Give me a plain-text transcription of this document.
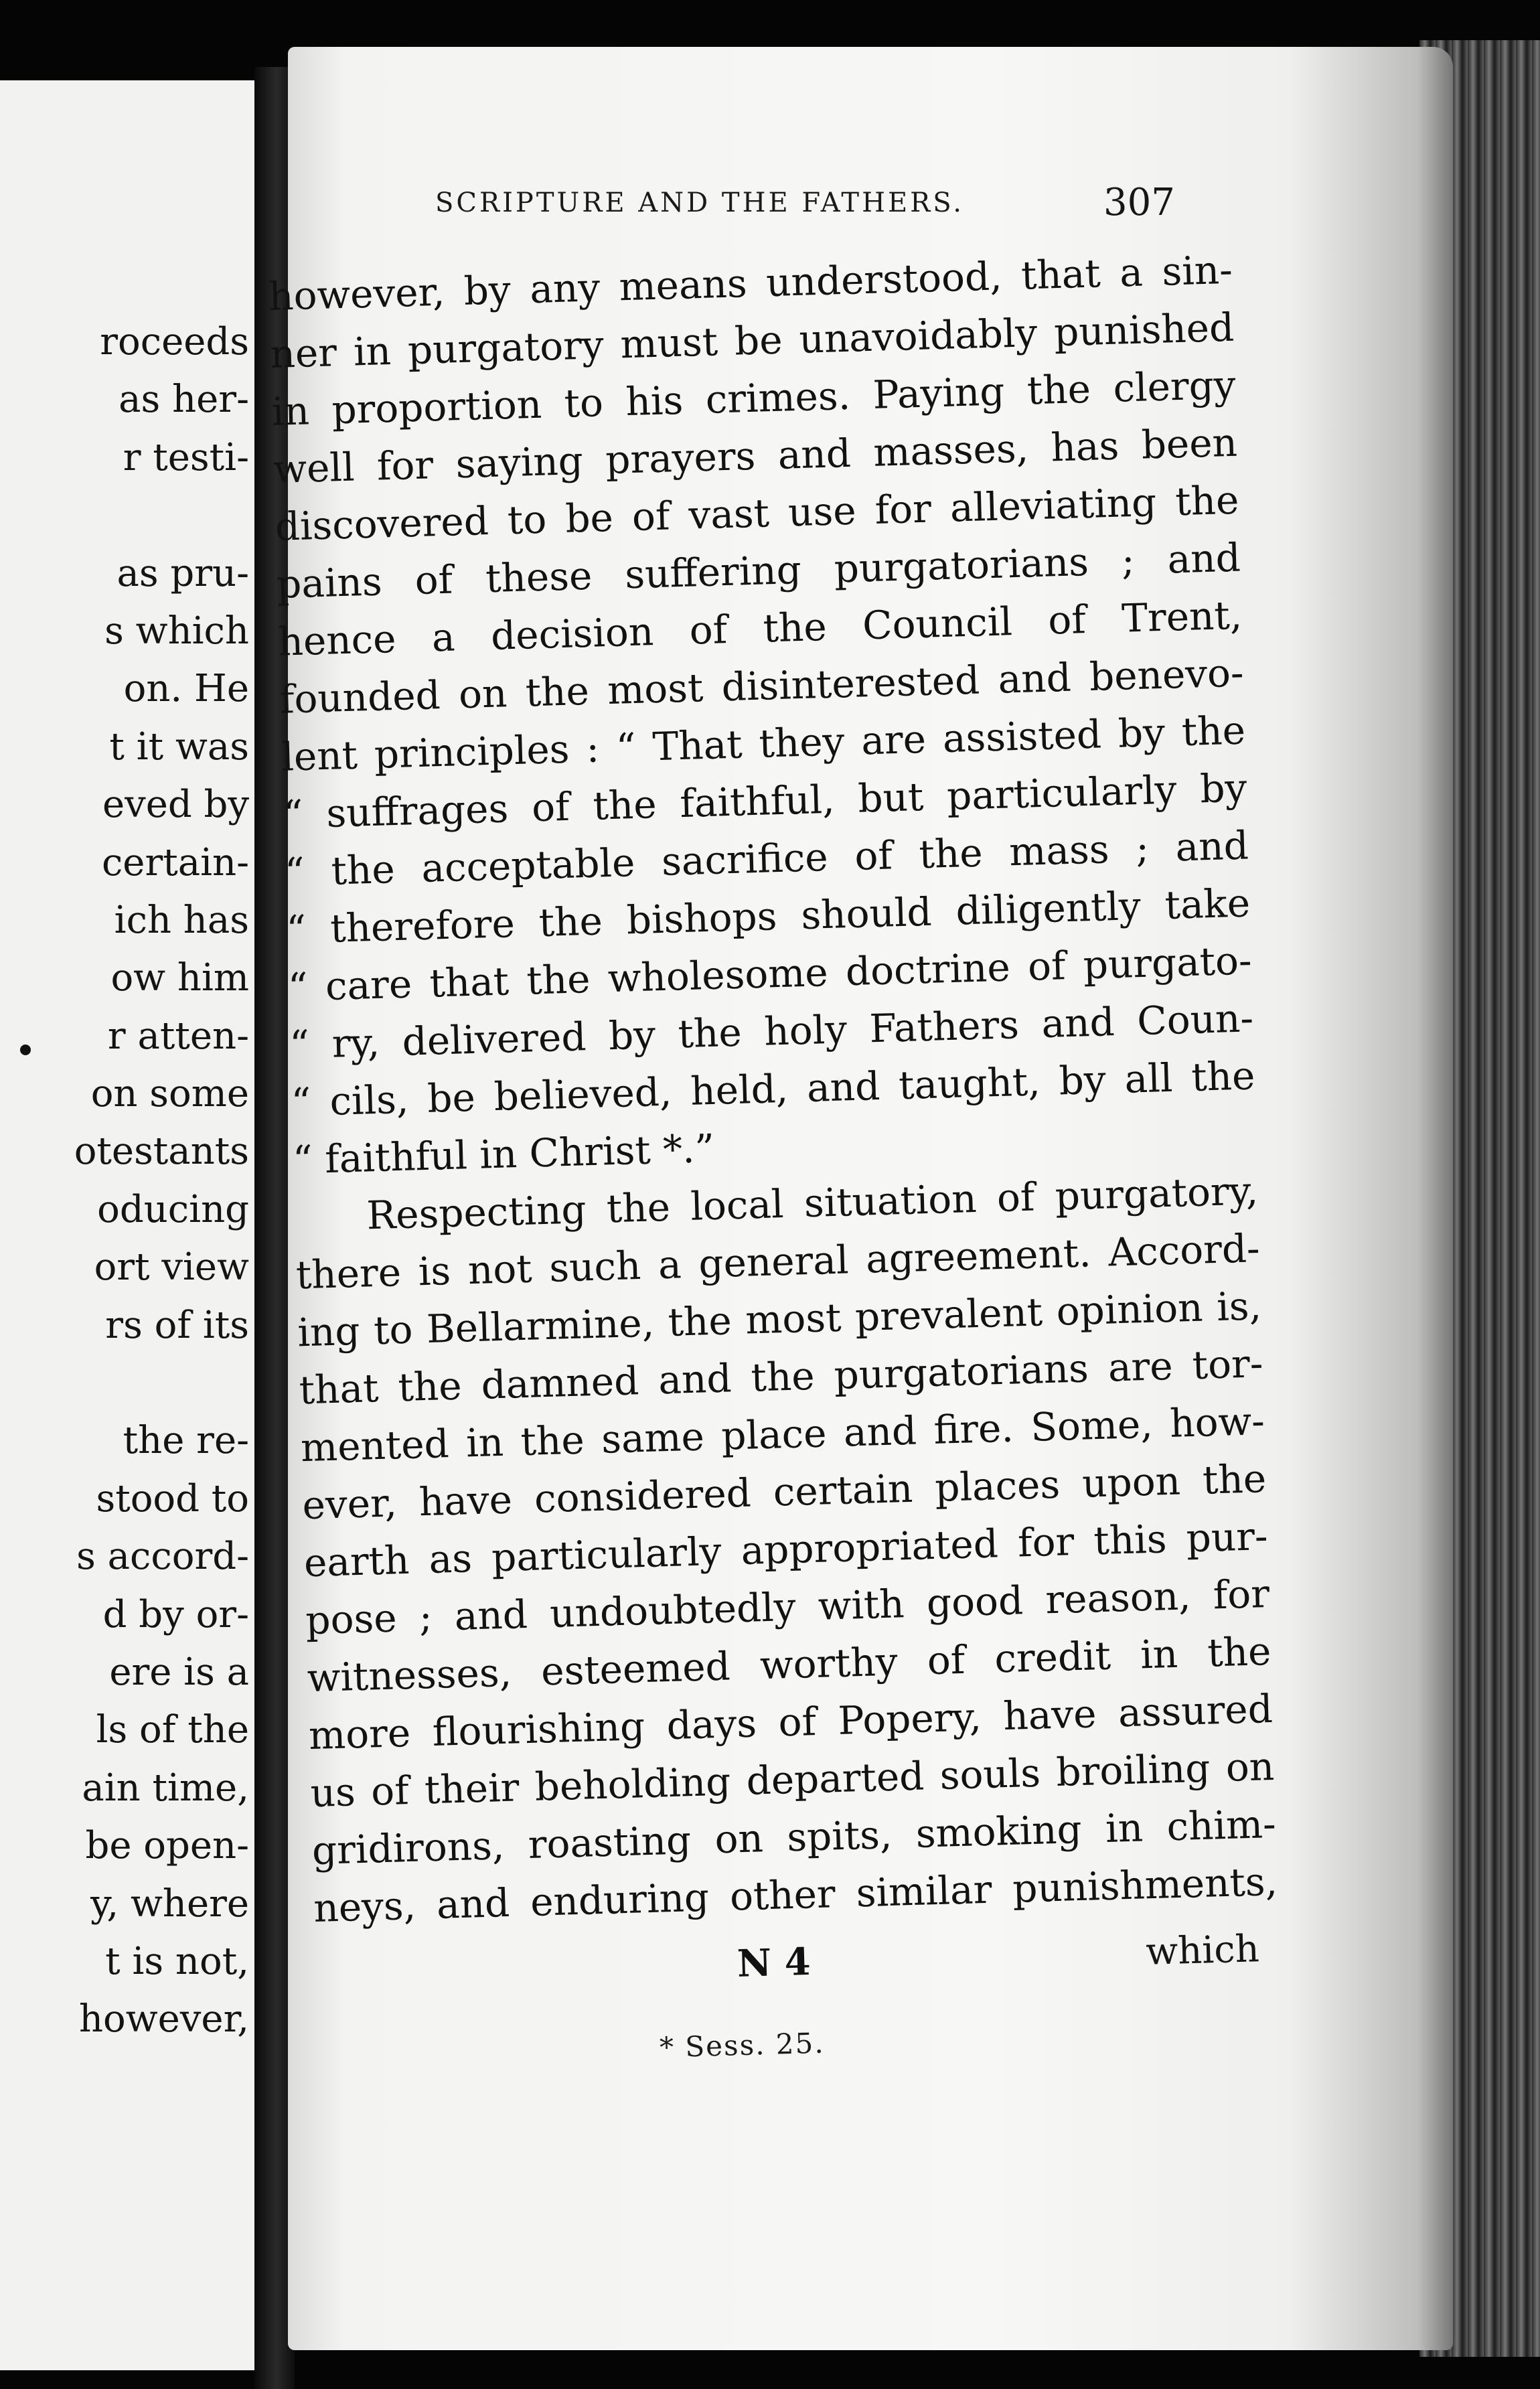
roceeds
as her-
r testi-
as pru-
s which
on. He
t it was
eved by
certain-
ich has
ow him
r atten-
on some
otestants
oducing
ort view
rs of its
the re-
stood to
s accord-
d by or-
ere is a
ls of the
ain time,
be open-
y, where
t is not,
however,
SCRIPTURE AND THE FATHERS.	307
however, by any means understood, that a sin-
ner in purgatory must be unavoidably punished
in proportion to his crimes. Paying the clergy
well for saying prayers and masses, has been
discovered to be of vast use for alleviating the
pains of these suffering purgatorians ; and
hence a decision of the Council of Trent,
founded on the most disinterested and benevo-
lent principles : “ That they are assisted by the
“ suffrages of the faithful, but particularly by
“ the acceptable sacrifice of the mass ; and
“ therefore the bishops should diligently take
“ care that the wholesome doctrine of purgato-
“ ry, delivered by the holy Fathers and Coun-
“ cils, be believed, held, and taught, by all the
“ faithful in Christ *.”
Respecting the local situation of purgatory,
there is not such a general agreement. Accord-
ing to Bellarmine, the most prevalent opinion is,
that the damned and the purgatorians are tor-
mented in the same place and fire. Some, how-
ever, have considered certain places upon the
earth as particularly appropriated for this pur-
pose ; and undoubtedly with good reason, for
witnesses, esteemed worthy of credit in the
more flourishing days of Popery, have assured
us of their beholding departed souls broiling on
gridirons, roasting on spits, smoking in chim-
neys, and enduring other similar punishments,
N 4	which
* Sess. 25.
